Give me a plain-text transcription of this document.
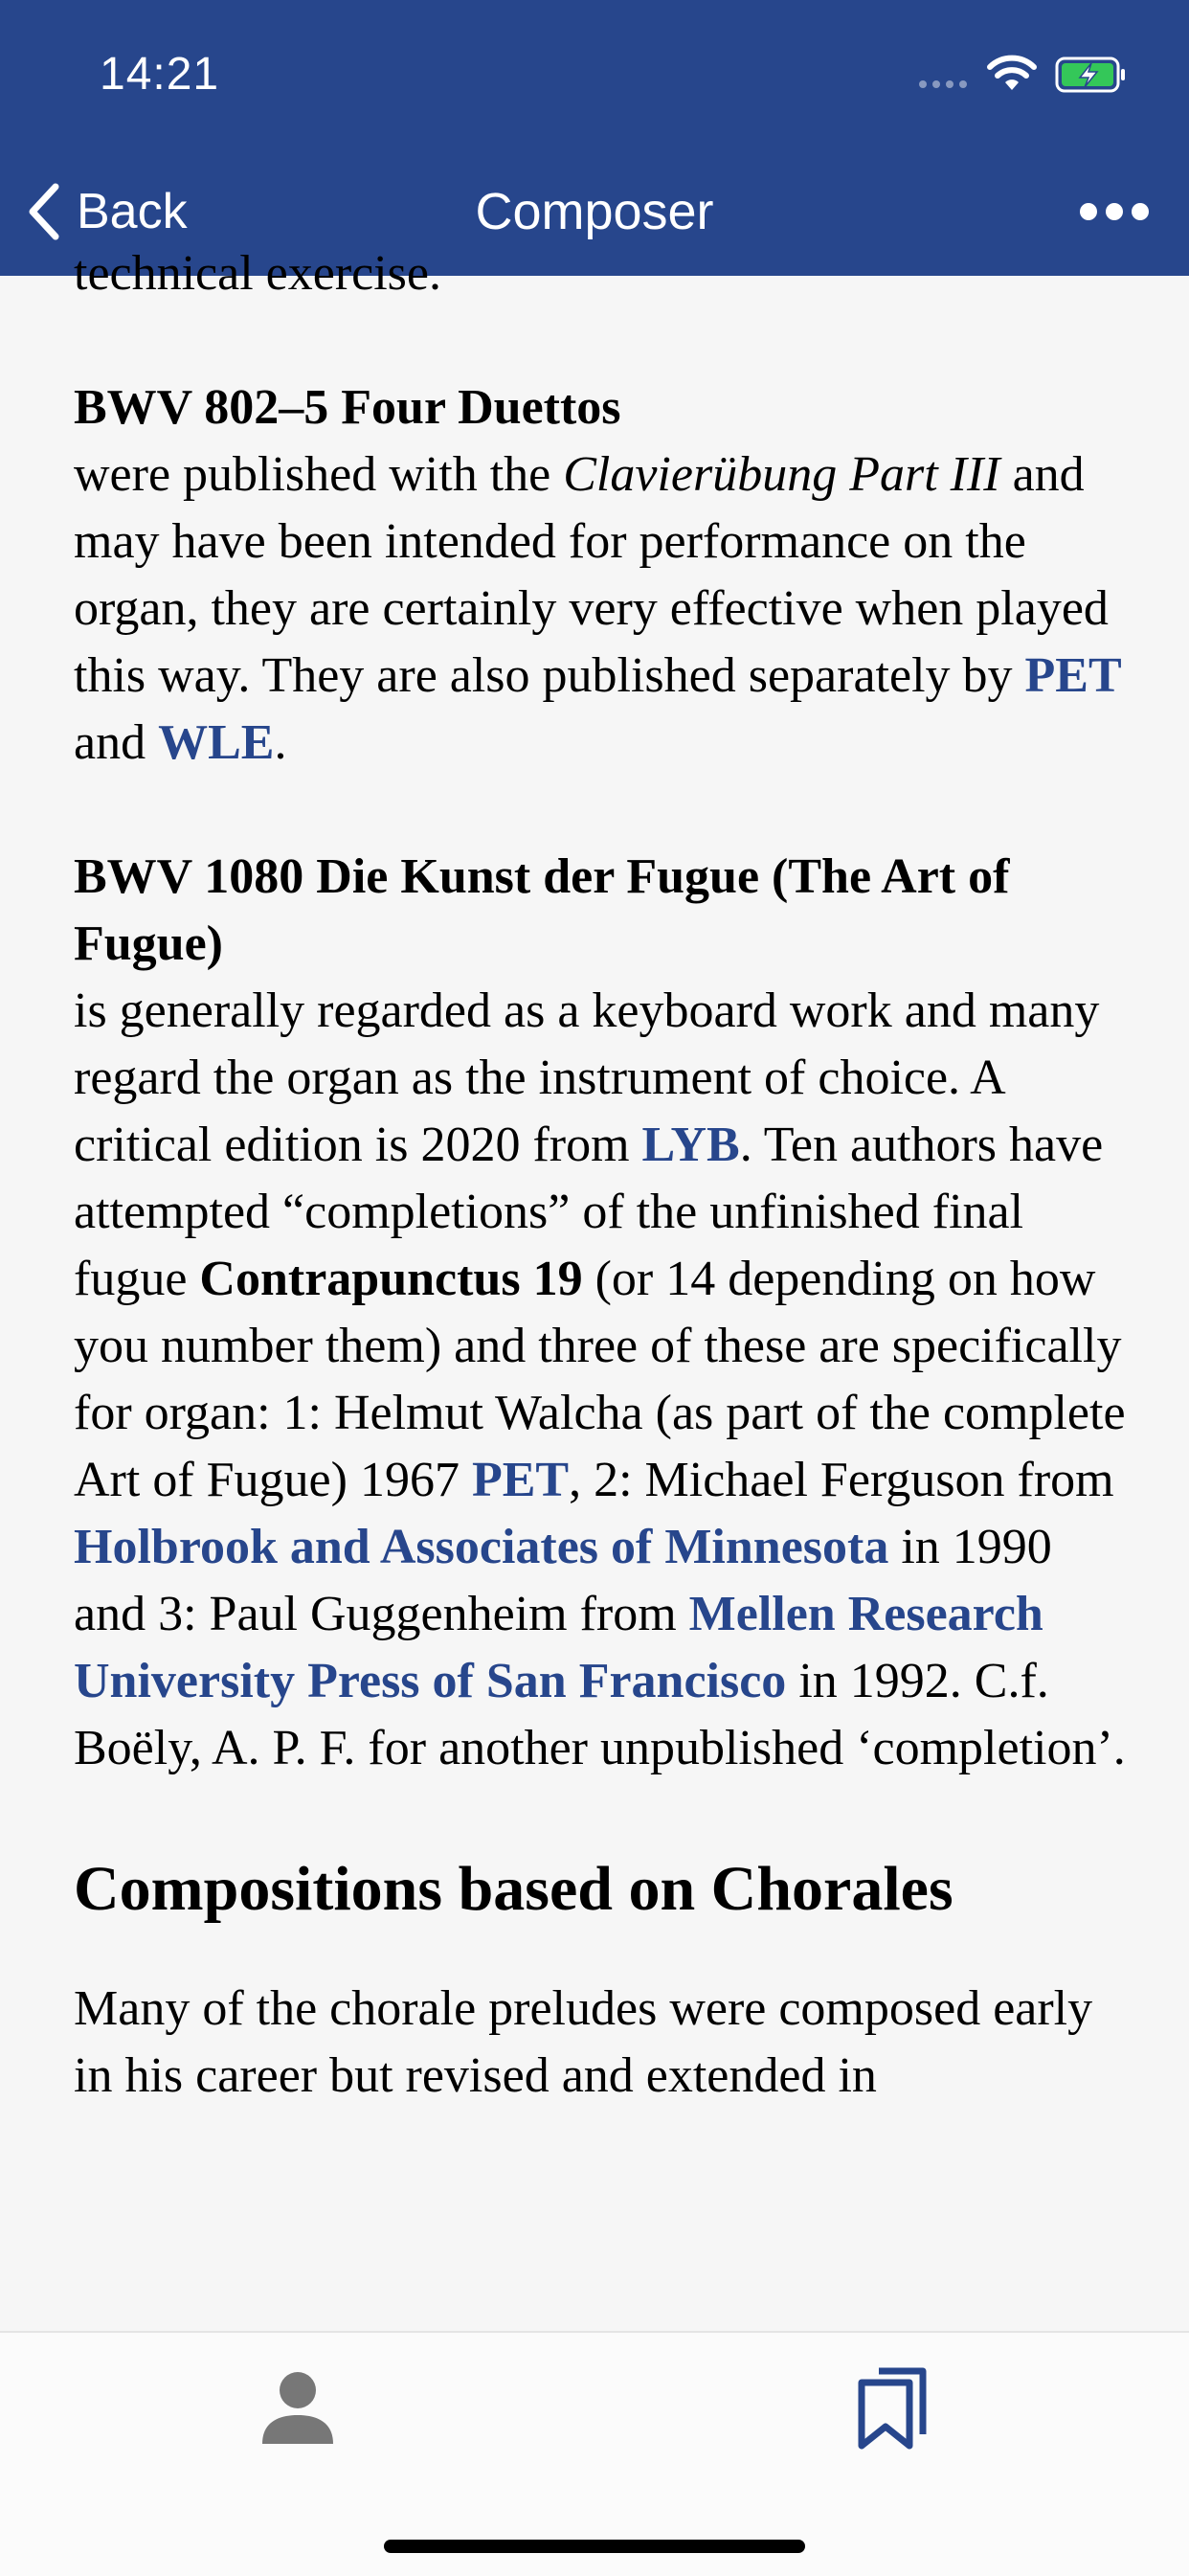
14:21
Back	Composer

technical exercise.

BWV 802–5 Four Duettos

were published with the Clavierübung Part III and may have been intended for performance on the organ, they are certainly very effective when played this way. They are also published separately by PET and WLE.

BWV 1080 Die Kunst der Fugue (The Art of Fugue)

is generally regarded as a keyboard work and many regard the organ as the instrument of choice. A critical edition is 2020 from LYB. Ten authors have attempted “completions” of the unfinished final fugue Contrapunctus 19 (or 14 depending on how you number them) and three of these are specifically for organ: 1: Helmut Walcha (as part of the complete Art of Fugue) 1967 PET, 2: Michael Ferguson from Holbrook and Associates of Minnesota in 1990 and 3: Paul Guggenheim from Mellen Research University Press of San Francisco in 1992. C.f. Boëly, A. P. F. for another unpublished ‘completion’.

Compositions based on Chorales

Many of the chorale preludes were composed early in his career but revised and extended in
